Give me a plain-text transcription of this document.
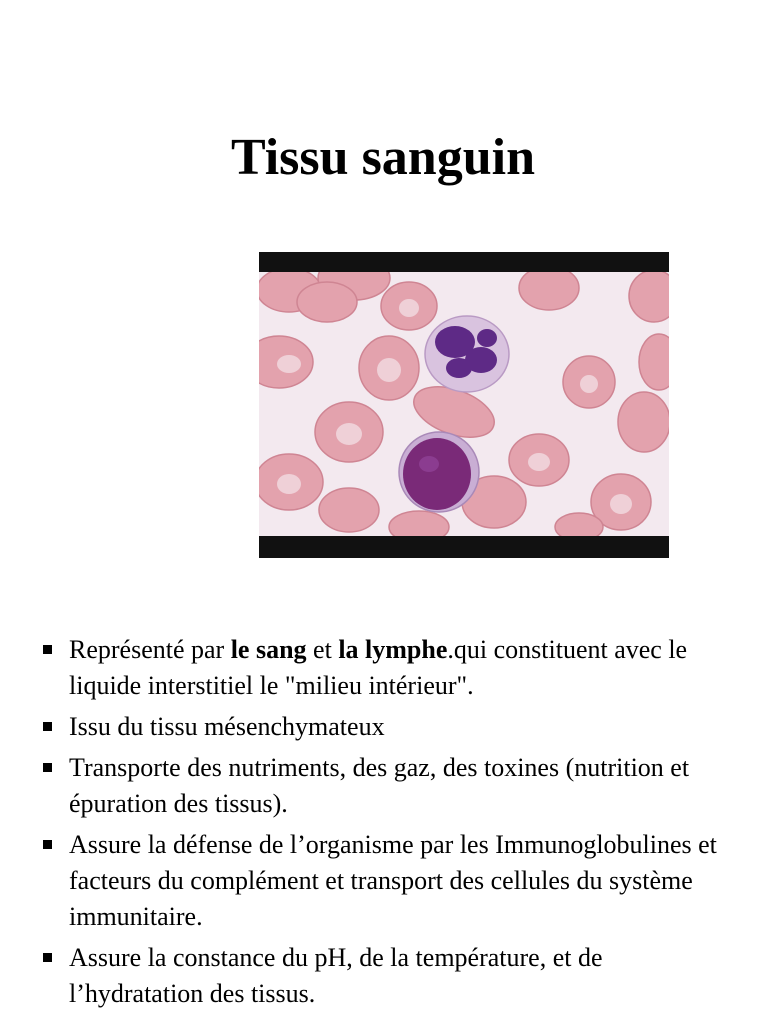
Tissu sanguin
Représenté par le sang et la lymphe.qui constituent avec le liquide interstitiel le "milieu intérieur".
Issu du tissu mésenchymateux
Transporte des nutriments, des gaz, des toxines (nutrition et épuration des tissus).
Assure la défense de l’organisme par les Immunoglobulines et facteurs du complément et transport des cellules du système immunitaire.
Assure la constance du pH, de la température, et de l’hydratation des tissus.
